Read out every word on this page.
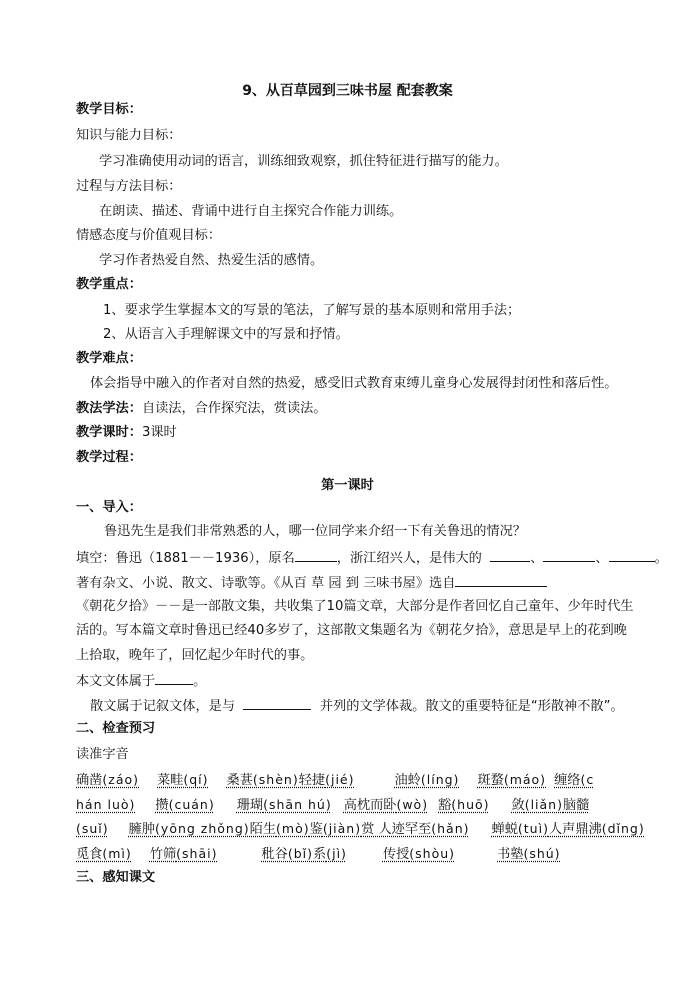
9、从百草园到三味书屋 配套教案
教学目标：
知识与能力目标：
学习准确使用动词的语言，训练细致观察，抓住特征进行描写的能力。
过程与方法目标：
在朗读、描述、背诵中进行自主探究合作能力训练。
情感态度与价值观目标：
学习作者热爱自然、热爱生活的感情。
教学重点：
1、要求学生掌握本文的写景的笔法，了解写景的基本原则和常用手法；
2、从语言入手理解课文中的写景和抒情。
教学难点：
体会指导中融入的作者对自然的热爱，感受旧式教育束缚儿童身心发展得封闭性和落后性。
教法学法：自读法，合作探究法，赏读法。
教学课时：3课时
教学过程：
第一课时
一、导入：
鲁迅先生是我们非常熟悉的人，哪一位同学来介绍一下有关鲁迅的情况？
填空：鲁迅（1881－－1936），原名	，浙江绍兴人，是伟大的	、	、	。
著有杂文、小说、散文、诗歌等。《从百 草 园 到 三味书屋》选自
《朝花夕拾》－－是一部散文集，共收集了10篇文章，大部分是作者回忆自己童年、少年时代生
活的。写本篇文章时鲁迅已经40多岁了，这部散文集题名为《朝花夕拾》，意思是早上的花到晚
上拾取，晚年了，回忆起少年时代的事。
本文文体属于	。
散文属于记叙文体，是与	并列的文学体裁。散文的重要特征是“形散神不散”。
二、检查预习
读准字音
确凿(záo) 菜畦(qí) 桑葚(shèn)轻捷(jié)	油蛉(líng) 斑蝥(máo) 缠络(c
hán luò) 攒(cuán) 珊瑚(shān hú) 高枕而卧(wò) 豁(huō) 敛(liǎn)脑髓
(suǐ) 臃肿(yōng zhǒng)陌生(mò)鉴(jiàn)赏 人迹罕至(hǎn) 蝉蜕(tuì)人声鼎沸(dǐng)
觅食(mì) 竹筛(shāi)	秕谷(bǐ)系(jì)	传授(shòu)	书塾(shú)
三、感知课文
